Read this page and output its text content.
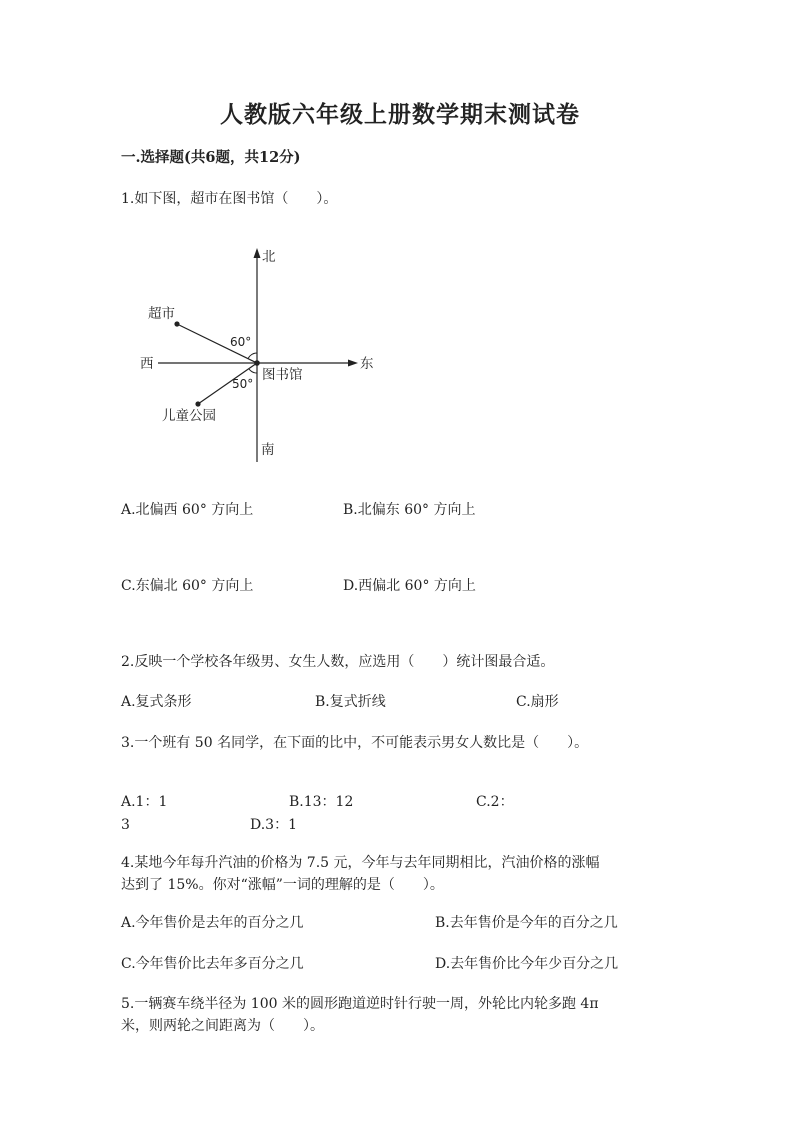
人教版六年级上册数学期末测试卷
一.选择题(共6题，共12分)
1.如下图，超市在图书馆（　　）。
北
南
东
西
超市
图书馆
儿童公园
60°
50°
A.北偏西 60° 方向上	B.北偏东 60° 方向上
C.东偏北 60° 方向上	D.西偏北 60° 方向上
2.反映一个学校各年级男、女生人数，应选用（　　）统计图最合适。
A.复式条形	B.复式折线	C.扇形
3.一个班有 50 名同学，在下面的比中，不可能表示男女人数比是（　　）。
A.1：1	B.13：12	C.2：
3	D.3：1
4.某地今年每升汽油的价格为 7.5 元，今年与去年同期相比，汽油价格的涨幅
达到了 15%。你对“涨幅”一词的理解的是（　　）。
A.今年售价是去年的百分之几	B.去年售价是今年的百分之几
C.今年售价比去年多百分之几	D.去年售价比今年少百分之几
5.一辆赛车绕半径为 100 米的圆形跑道逆时针行驶一周，外轮比内轮多跑 4π
米，则两轮之间距离为（　　）。
